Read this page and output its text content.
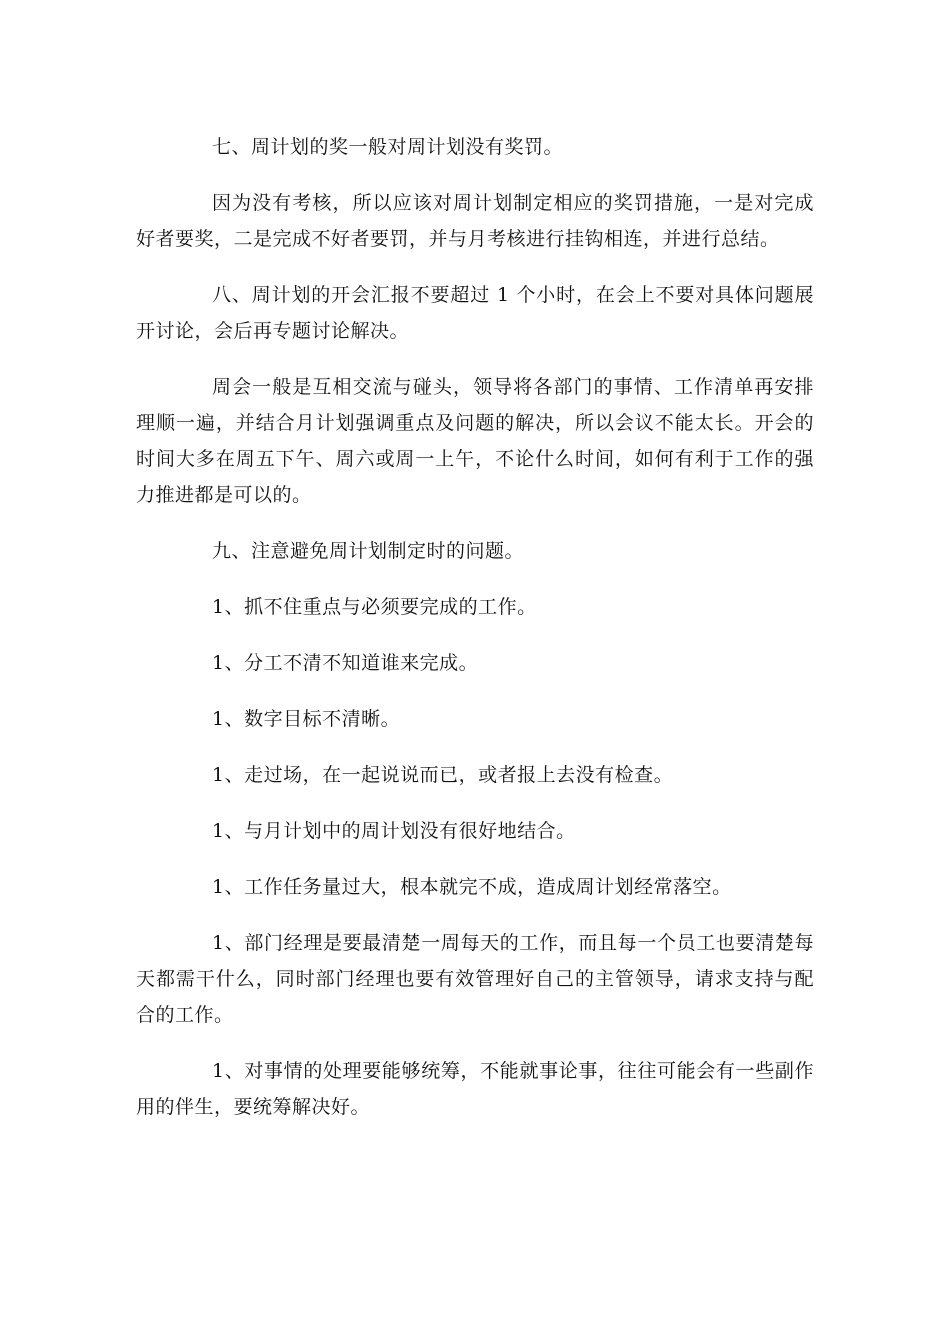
七、周计划的奖一般对周计划没有奖罚。

因为没有考核，所以应该对周计划制定相应的奖罚措施，一是对完成好者要奖，二是完成不好者要罚，并与月考核进行挂钩相连，并进行总结。

八、周计划的开会汇报不要超过 1 个小时，在会上不要对具体问题展开讨论，会后再专题讨论解决。

周会一般是互相交流与碰头，领导将各部门的事情、工作清单再安排理顺一遍，并结合月计划强调重点及问题的解决，所以会议不能太长。开会的时间大多在周五下午、周六或周一上午，不论什么时间，如何有利于工作的强力推进都是可以的。

九、注意避免周计划制定时的问题。

1、抓不住重点与必须要完成的工作。

1、分工不清不知道谁来完成。

1、数字目标不清晰。

1、走过场，在一起说说而已，或者报上去没有检查。

1、与月计划中的周计划没有很好地结合。

1、工作任务量过大，根本就完不成，造成周计划经常落空。

1、部门经理是要最清楚一周每天的工作，而且每一个员工也要清楚每天都需干什么，同时部门经理也要有效管理好自己的主管领导，请求支持与配合的工作。

1、对事情的处理要能够统筹，不能就事论事，往往可能会有一些副作用的伴生，要统筹解决好。
